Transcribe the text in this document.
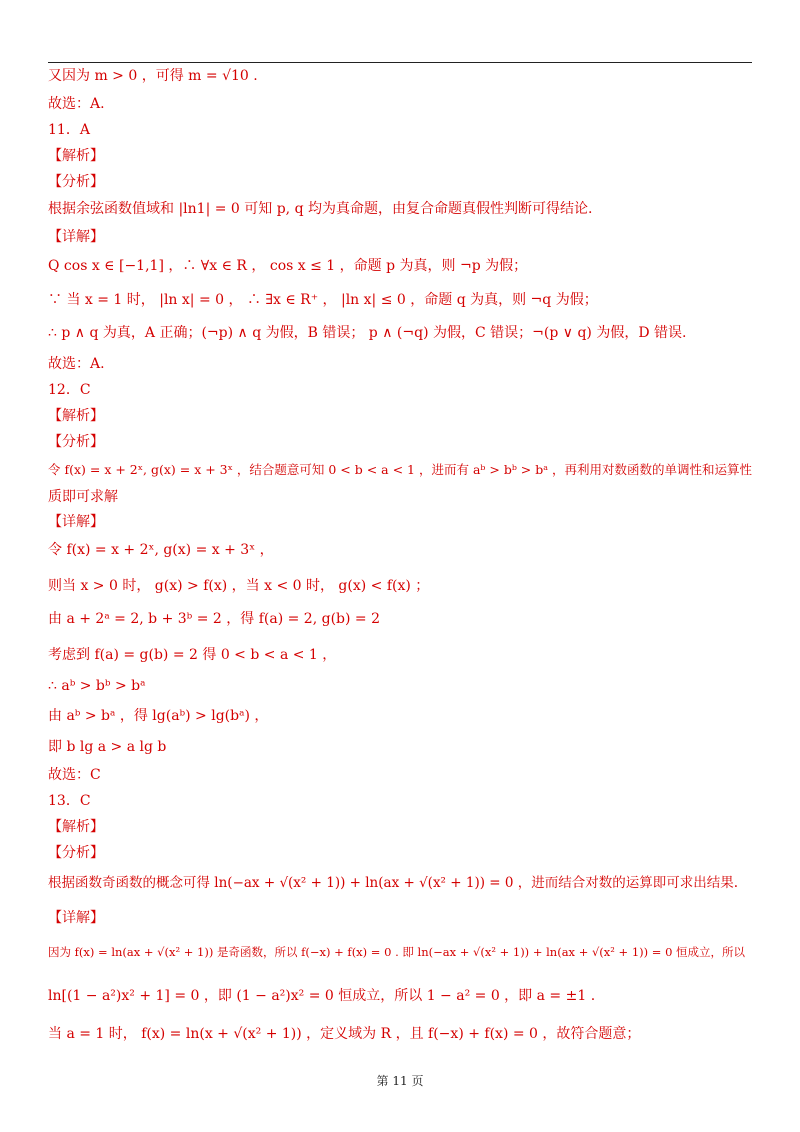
又因为 m > 0 ，可得 m = √10 .
故选：A.
11．A
【解析】
【分析】
根据余弦函数值域和 |ln1| = 0 可知 p, q 均为真命题，由复合命题真假性判断可得结论.
【详解】
Q cos x ∈ [−1,1] ，∴ ∀x ∈ R ， cos x ≤ 1 ，命题 p 为真，则 ¬p 为假；
∵ 当 x = 1 时， |ln x| = 0 ， ∴ ∃x ∈ R⁺ ， |ln x| ≤ 0 ，命题 q 为真，则 ¬q 为假；
∴ p ∧ q 为真，A 正确；(¬p) ∧ q 为假，B 错误； p ∧ (¬q) 为假，C 错误；¬(p ∨ q) 为假，D 错误.
故选：A.
12．C
【解析】
【分析】
令 f(x) = x + 2ˣ, g(x) = x + 3ˣ ，结合题意可知 0 < b < a < 1 ，进而有 aᵇ > bᵇ > bᵃ ，再利用对数函数的单调性和运算性
质即可求解
【详解】
令 f(x) = x + 2ˣ, g(x) = x + 3ˣ ，
则当 x > 0 时， g(x) > f(x) ，当 x < 0 时， g(x) < f(x) ；
由 a + 2ᵃ = 2, b + 3ᵇ = 2 ，得 f(a) = 2, g(b) = 2
考虑到 f(a) = g(b) = 2 得 0 < b < a < 1 ，
∴ aᵇ > bᵇ > bᵃ
由 aᵇ > bᵃ ，得 lg(aᵇ) > lg(bᵃ) ，
即 b lg a > a lg b
故选：C
13．C
【解析】
【分析】
根据函数奇函数的概念可得 ln(−ax + √(x² + 1)) + ln(ax + √(x² + 1)) = 0 ，进而结合对数的运算即可求出结果.
【详解】
因为 f(x) = ln(ax + √(x² + 1)) 是奇函数，所以 f(−x) + f(x) = 0 . 即 ln(−ax + √(x² + 1)) + ln(ax + √(x² + 1)) = 0 恒成立，所以
ln[(1 − a²)x² + 1] = 0 ，即 (1 − a²)x² = 0 恒成立，所以 1 − a² = 0 ，即 a = ±1 .
当 a = 1 时， f(x) = ln(x + √(x² + 1)) ，定义域为 R ，且 f(−x) + f(x) = 0 ，故符合题意；
第 11 页
